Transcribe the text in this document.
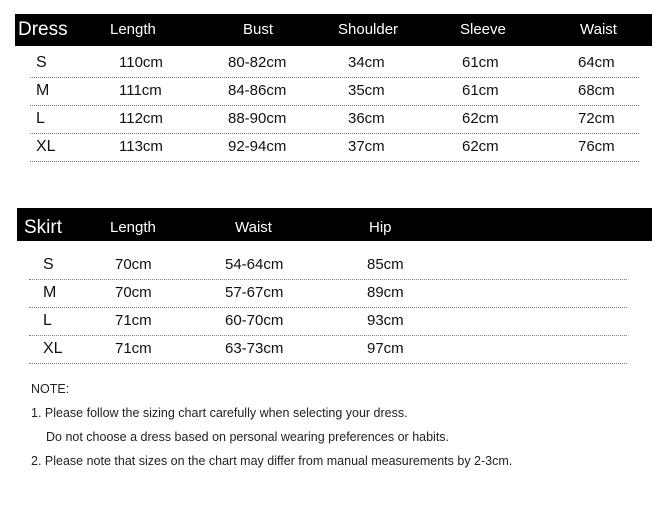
Dress	Length	Bust	Shoulder	Sleeve	Waist
S	110cm	80-82cm	34cm	61cm	64cm
M	111cm	84-86cm	35cm	61cm	68cm
L	112cm	88-90cm	36cm	62cm	72cm
XL	113cm	92-94cm	37cm	62cm	76cm
Skirt	Length	Waist	Hip
S	70cm	54-64cm	85cm
M	70cm	57-67cm	89cm
L	71cm	60-70cm	93cm
XL	71cm	63-73cm	97cm
NOTE:
1. Please follow the sizing chart carefully when selecting your dress.
Do not choose a dress based on personal wearing preferences or habits.
2. Please note that sizes on the chart may differ from manual measurements by 2-3cm.
